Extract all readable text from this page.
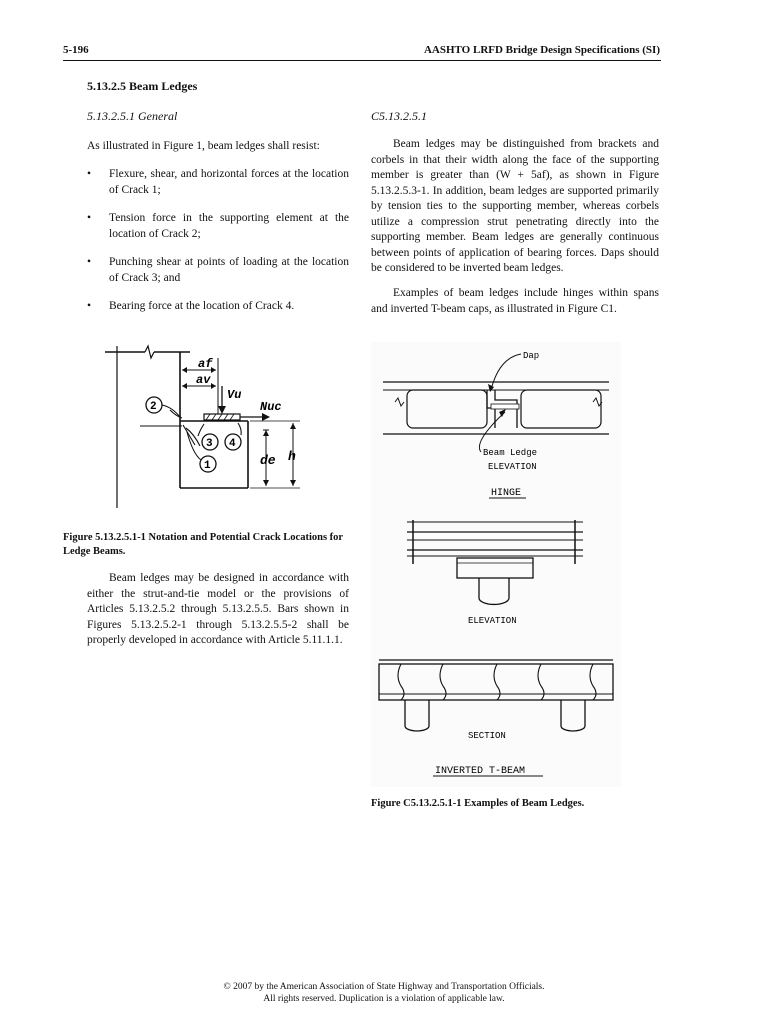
5-196	AASHTO LRFD Bridge Design Specifications (SI)
5.13.2.5 Beam Ledges
5.13.2.5.1 General
As illustrated in Figure 1, beam ledges shall resist:
• Flexure, shear, and horizontal forces at the location of Crack 1;
• Tension force in the supporting element at the location of Crack 2;
• Punching shear at points of loading at the location of Crack 3; and
• Bearing force at the location of Crack 4.
af
av
Vu
Nuc
de h
2
3 4
1
Figure 5.13.2.5.1-1 Notation and Potential Crack Locations for Ledge Beams.
Beam ledges may be designed in accordance with either the strut-and-tie model or the provisions of Articles 5.13.2.5.2 through 5.13.2.5.5. Bars shown in Figures 5.13.2.5.2-1 through 5.13.2.5.5-2 shall be properly developed in accordance with Article 5.11.1.1.
C5.13.2.5.1
Beam ledges may be distinguished from brackets and corbels in that their width along the face of the supporting member is greater than (W + 5af), as shown in Figure 5.13.2.5.3-1. In addition, beam ledges are supported primarily by tension ties to the supporting member, whereas corbels utilize a compression strut penetrating directly into the supporting member. Beam ledges are generally continuous between points of application of bearing forces. Daps should be considered to be inverted beam ledges.
Examples of beam ledges include hinges within spans and inverted T-beam caps, as illustrated in Figure C1.
Dap
Beam Ledge
ELEVATION
HINGE
ELEVATION
SECTION
INVERTED T-BEAM
Figure C5.13.2.5.1-1 Examples of Beam Ledges.
© 2007 by the American Association of State Highway and Transportation Officials.
All rights reserved. Duplication is a violation of applicable law.
